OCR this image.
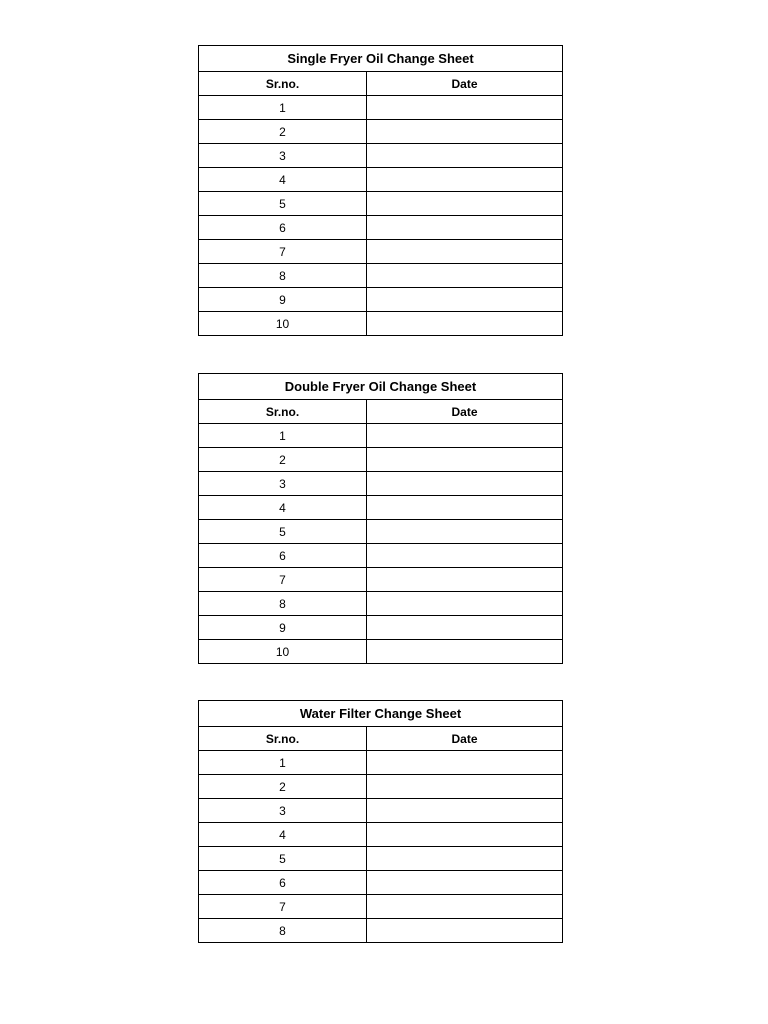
Single Fryer Oil Change Sheet	
Sr.no.	Date
1	
2	
3	
4	
5	
6	
7	
8	
9	
10	
Double Fryer Oil Change Sheet	
Sr.no.	Date
1	
2	
3	
4	
5	
6	
7	
8	
9	
10	
Water Filter Change Sheet	
Sr.no.	Date
1	
2	
3	
4	
5	
6	
7	
8	
